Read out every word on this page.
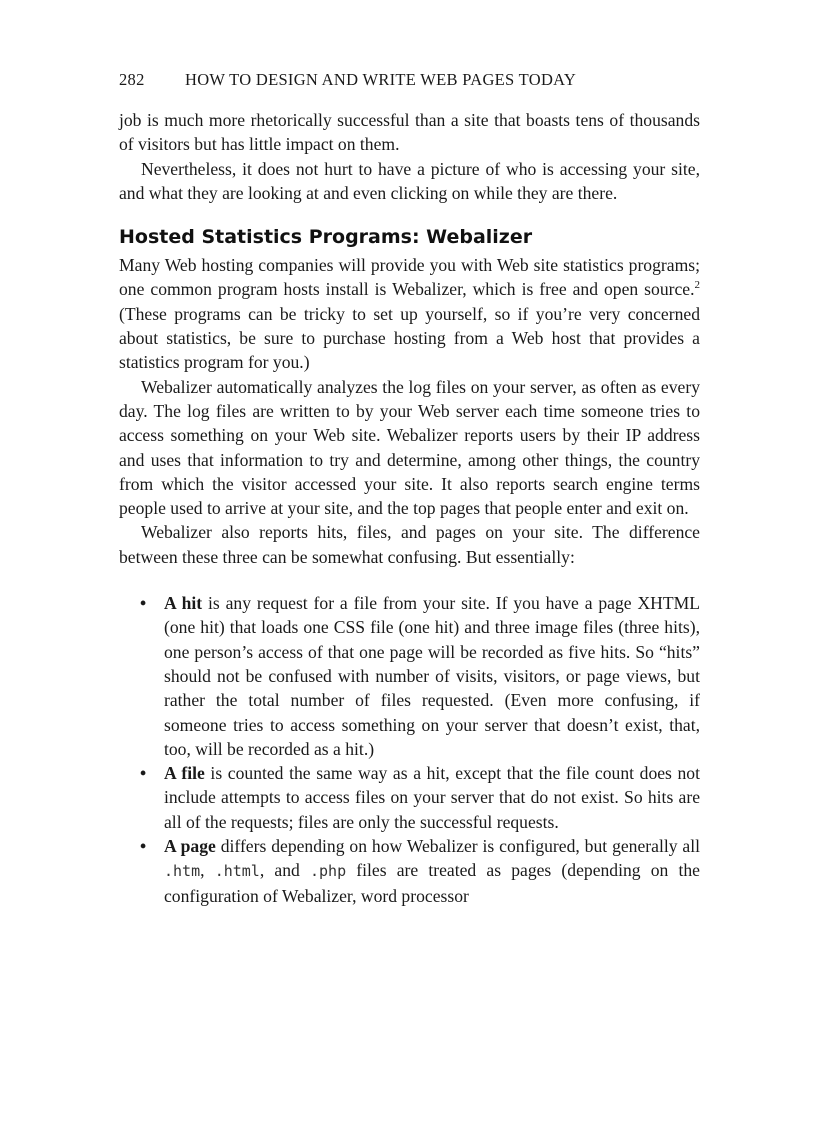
282	HOW TO DESIGN AND WRITE WEB PAGES TODAY

job is much more rhetorically successful than a site that boasts tens of thousands of visitors but has little impact on them.

Nevertheless, it does not hurt to have a picture of who is accessing your site, and what they are looking at and even clicking on while they are there.

Hosted Statistics Programs: Webalizer

Many Web hosting companies will provide you with Web site statistics programs; one common program hosts install is Webalizer, which is free and open source.$^2$ (These programs can be tricky to set up yourself, so if you’re very concerned about statistics, be sure to purchase hosting from a Web host that provides a statistics program for you.)

Webalizer automatically analyzes the log files on your server, as often as every day. The log files are written to by your Web server each time someone tries to access something on your Web site. Webalizer reports users by their IP address and uses that information to try and determine, among other things, the country from which the visitor accessed your site. It also reports search engine terms people used to arrive at your site, and the top pages that people enter and exit on.

Webalizer also reports hits, files, and pages on your site. The difference between these three can be somewhat confusing. But essentially:

• A hit is any request for a file from your site. If you have a page XHTML (one hit) that loads one CSS file (one hit) and three image files (three hits), one person’s access of that one page will be recorded as five hits. So “hits” should not be confused with number of visits, visitors, or page views, but rather the total number of files requested. (Even more confusing, if someone tries to access something on your server that doesn’t exist, that, too, will be recorded as a hit.)
• A file is counted the same way as a hit, except that the file count does not include attempts to access files on your server that do not exist. So hits are all of the requests; files are only the successful requests.
• A page differs depending on how Webalizer is configured, but generally all .htm, .html, and .php files are treated as pages (depending on the configuration of Webalizer, word processor
